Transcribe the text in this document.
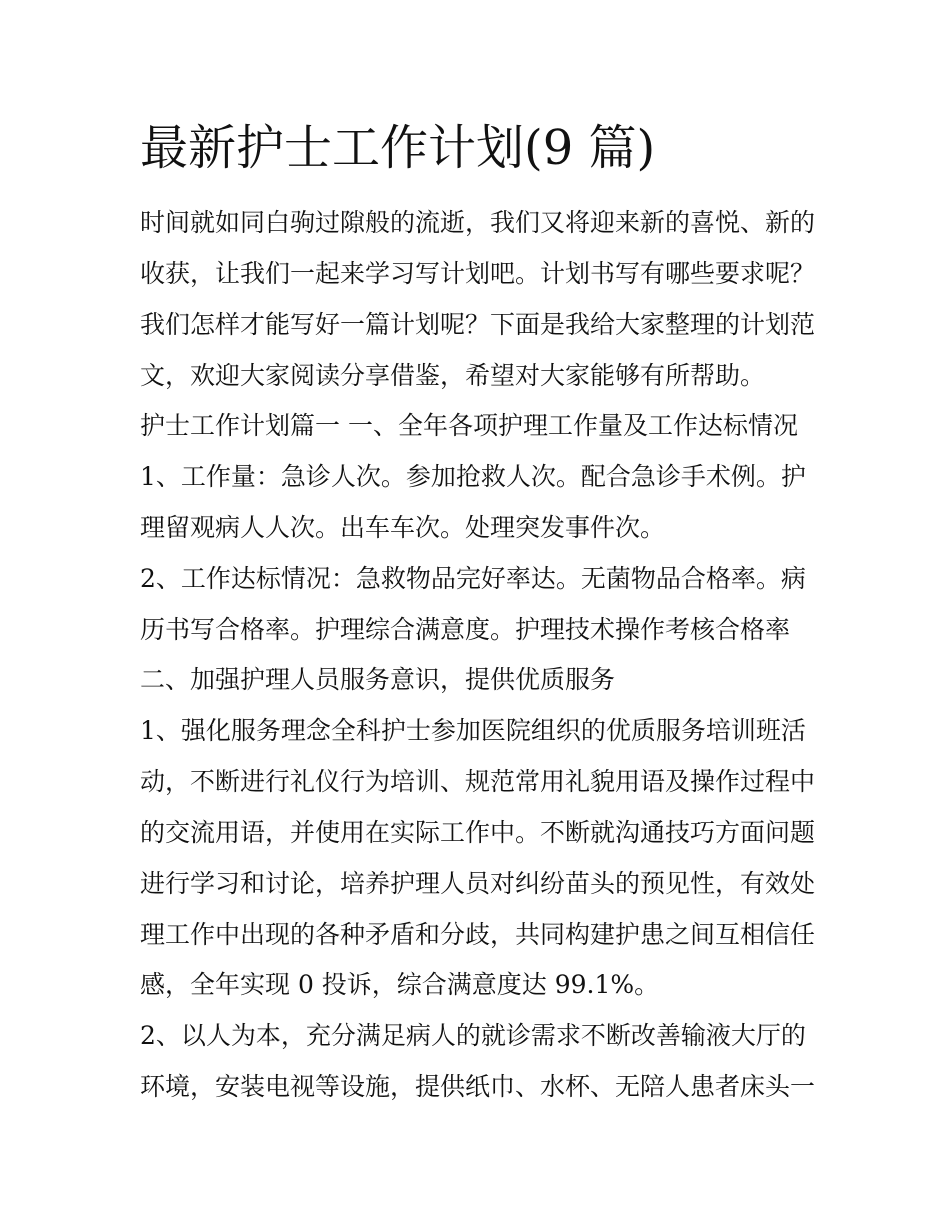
最新护士工作计划(9 篇)
时间就如同白驹过隙般的流逝，我们又将迎来新的喜悦、新的
收获，让我们一起来学习写计划吧。计划书写有哪些要求呢？
我们怎样才能写好一篇计划呢？下面是我给大家整理的计划范
文，欢迎大家阅读分享借鉴，希望对大家能够有所帮助。
护士工作计划篇一 一、全年各项护理工作量及工作达标情况
1、工作量：急诊人次。参加抢救人次。配合急诊手术例。护
理留观病人人次。出车车次。处理突发事件次。
2、工作达标情况：急救物品完好率达。无菌物品合格率。病
历书写合格率。护理综合满意度。护理技术操作考核合格率
二、加强护理人员服务意识，提供优质服务
1、强化服务理念全科护士参加医院组织的优质服务培训班活
动，不断进行礼仪行为培训、规范常用礼貌用语及操作过程中
的交流用语，并使用在实际工作中。不断就沟通技巧方面问题
进行学习和讨论，培养护理人员对纠纷苗头的预见性，有效处
理工作中出现的各种矛盾和分歧，共同构建护患之间互相信任
感，全年实现 0 投诉，综合满意度达 99.1%。
2、以人为本，充分满足病人的就诊需求不断改善输液大厅的
环境，安装电视等设施，提供纸巾、水杯、无陪人患者床头一
